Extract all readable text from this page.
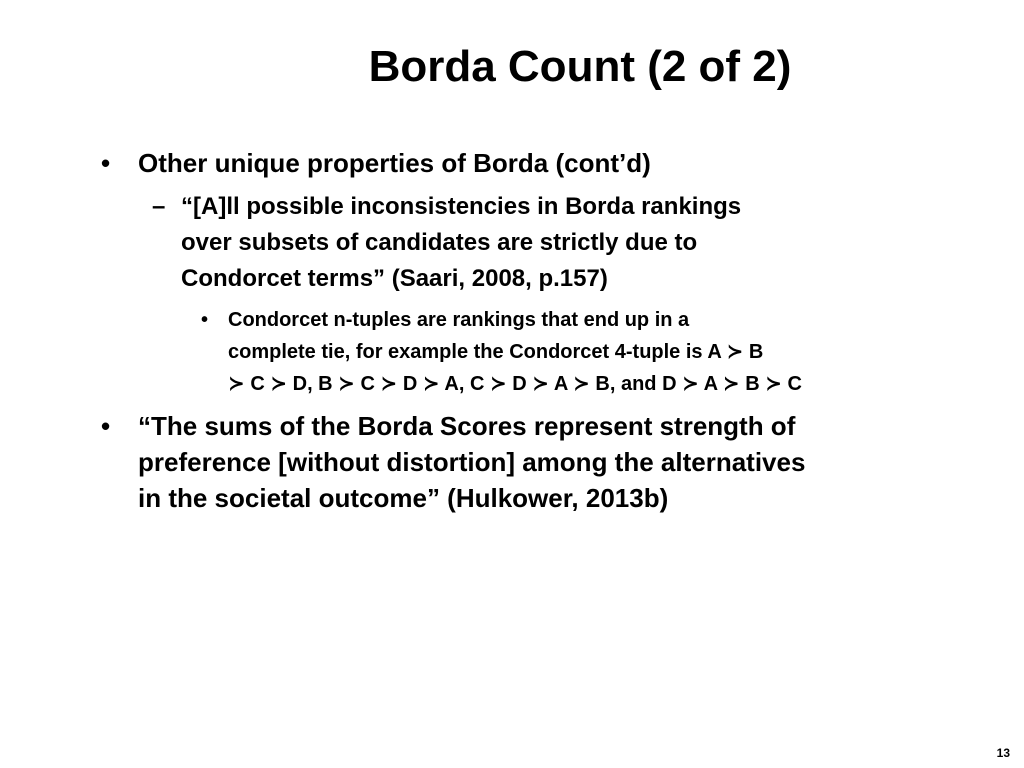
Borda Count (2 of 2)
• Other unique properties of Borda (cont’d)
– “[A]ll possible inconsistencies in Borda rankings
over subsets of candidates are strictly due to
Condorcet terms” (Saari, 2008, p.157)
• Condorcet n-tuples are rankings that end up in a
complete tie, for example the Condorcet 4-tuple is A ≻ B
≻ C ≻ D, B ≻ C ≻ D ≻ A, C ≻ D ≻ A ≻ B, and D ≻ A ≻ B ≻ C
• “The sums of the Borda Scores represent strength of
preference [without distortion] among the alternatives
in the societal outcome” (Hulkower, 2013b)
13
